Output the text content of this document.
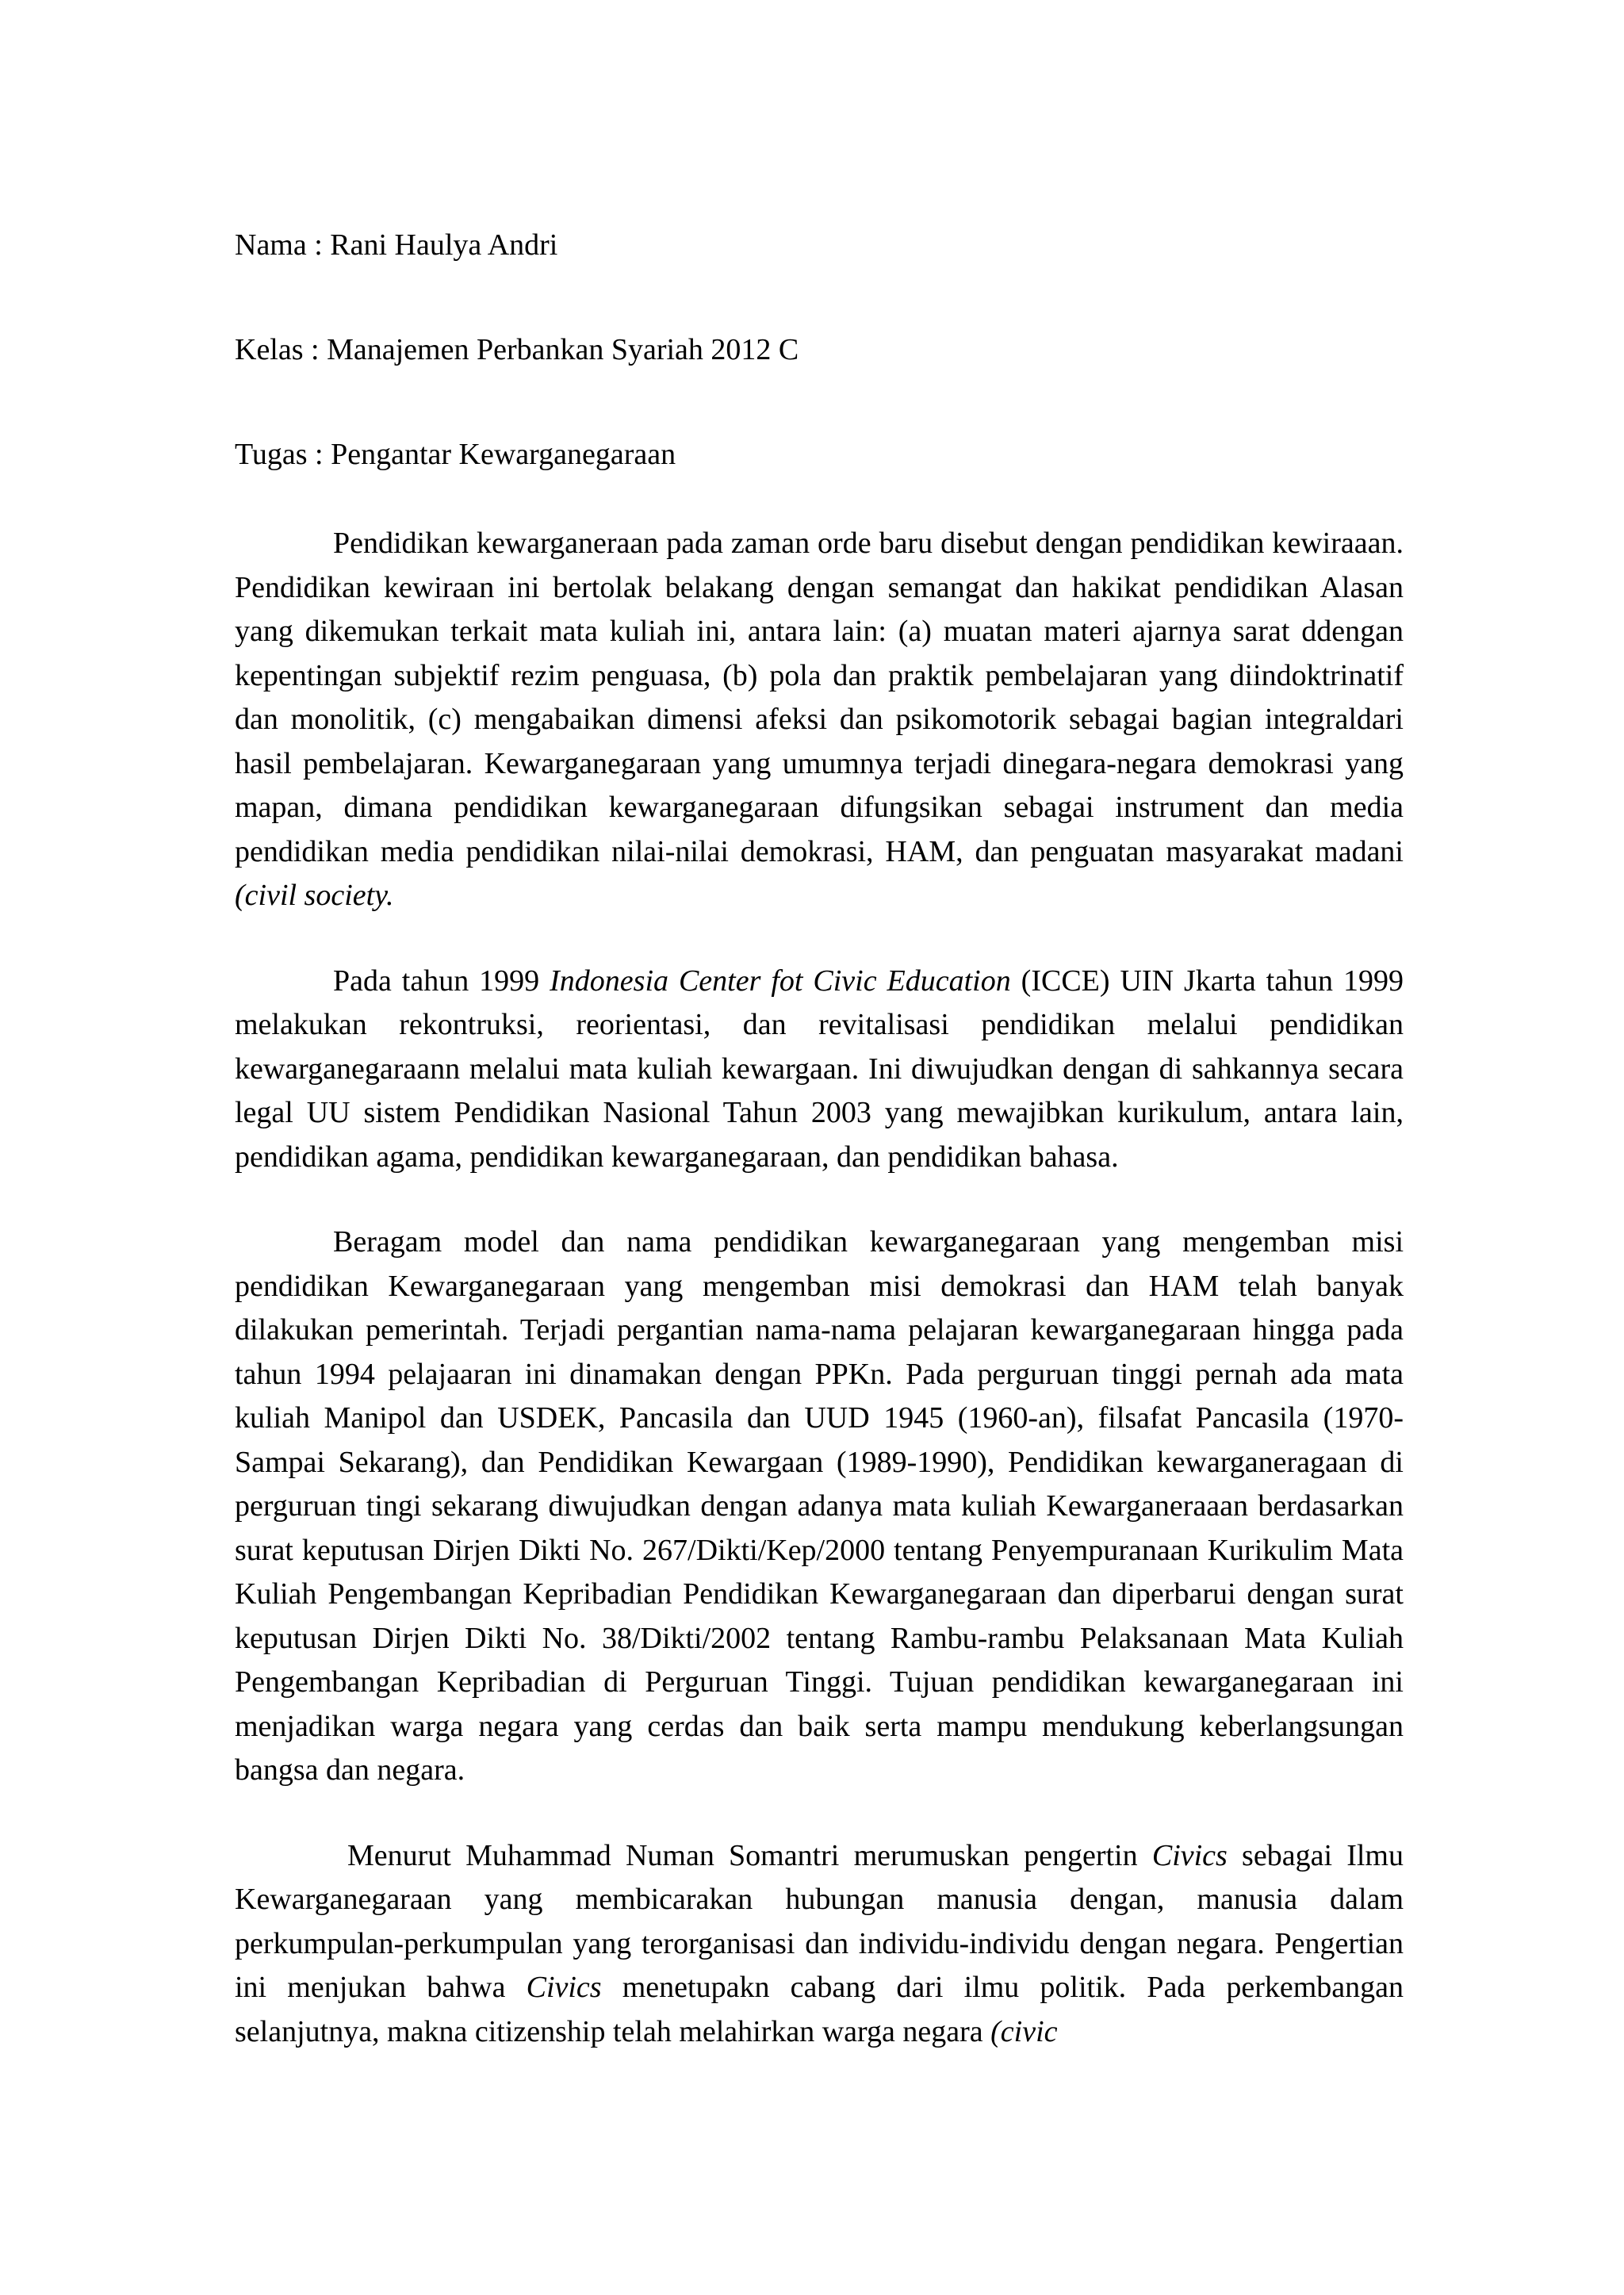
Nama : Rani Haulya Andri
Kelas : Manajemen Perbankan Syariah 2012 C
Tugas : Pengantar Kewarganegaraan

Pendidikan kewarganeraan pada zaman orde baru disebut dengan pendidikan kewiraaan. Pendidikan kewiraan ini bertolak belakang dengan semangat dan hakikat pendidikan Alasan yang dikemukan terkait mata kuliah ini, antara lain: (a) muatan materi ajarnya sarat ddengan kepentingan subjektif rezim penguasa, (b) pola dan praktik pembelajaran yang diindoktrinatif dan monolitik, (c) mengabaikan dimensi afeksi dan psikomotorik sebagai bagian integraldari hasil pembelajaran. Kewarganegaraan yang umumnya terjadi dinegara-negara demokrasi yang mapan, dimana pendidikan kewarganegaraan difungsikan sebagai instrument dan media pendidikan media pendidikan nilai-nilai demokrasi, HAM, dan penguatan masyarakat madani (civil society.

Pada tahun 1999 Indonesia Center fot Civic Education (ICCE) UIN Jkarta tahun 1999 melakukan rekontruksi, reorientasi, dan revitalisasi pendidikan melalui pendidikan kewarganegaraann melalui mata kuliah kewargaan. Ini diwujudkan dengan di sahkannya secara legal UU sistem Pendidikan Nasional Tahun 2003 yang mewajibkan kurikulum, antara lain, pendidikan agama, pendidikan kewarganegaraan, dan pendidikan bahasa.

Beragam model dan nama pendidikan kewarganegaraan yang mengemban misi pendidikan Kewarganegaraan yang mengemban misi demokrasi dan HAM telah banyak dilakukan pemerintah. Terjadi pergantian nama-nama pelajaran kewarganegaraan hingga pada tahun 1994 pelajaaran ini dinamakan dengan PPKn. Pada perguruan tinggi pernah ada mata kuliah Manipol dan USDEK, Pancasila dan UUD 1945 (1960-an), filsafat Pancasila (1970-Sampai Sekarang), dan Pendidikan Kewargaan (1989-1990), Pendidikan kewarganeragaan di perguruan tingi sekarang diwujudkan dengan adanya mata kuliah Kewarganeraaan berdasarkan surat keputusan Dirjen Dikti No. 267/Dikti/Kep/2000 tentang Penyempuranaan Kurikulim Mata Kuliah Pengembangan Kepribadian Pendidikan Kewarganegaraan dan diperbarui dengan surat keputusan Dirjen Dikti No. 38/Dikti/2002 tentang Rambu-rambu Pelaksanaan Mata Kuliah Pengembangan Kepribadian di Perguruan Tinggi. Tujuan pendidikan kewarganegaraan ini menjadikan warga negara yang cerdas dan baik serta mampu mendukung keberlangsungan bangsa dan negara.

Menurut Muhammad Numan Somantri merumuskan pengertin Civics sebagai Ilmu Kewarganegaraan yang membicarakan hubungan manusia dengan, manusia dalam perkumpulan-perkumpulan yang terorganisasi dan individu-individu dengan negara. Pengertian ini menjukan bahwa Civics menetupakn cabang dari ilmu politik. Pada perkembangan selanjutnya, makna citizenship telah melahirkan warga negara (civic
